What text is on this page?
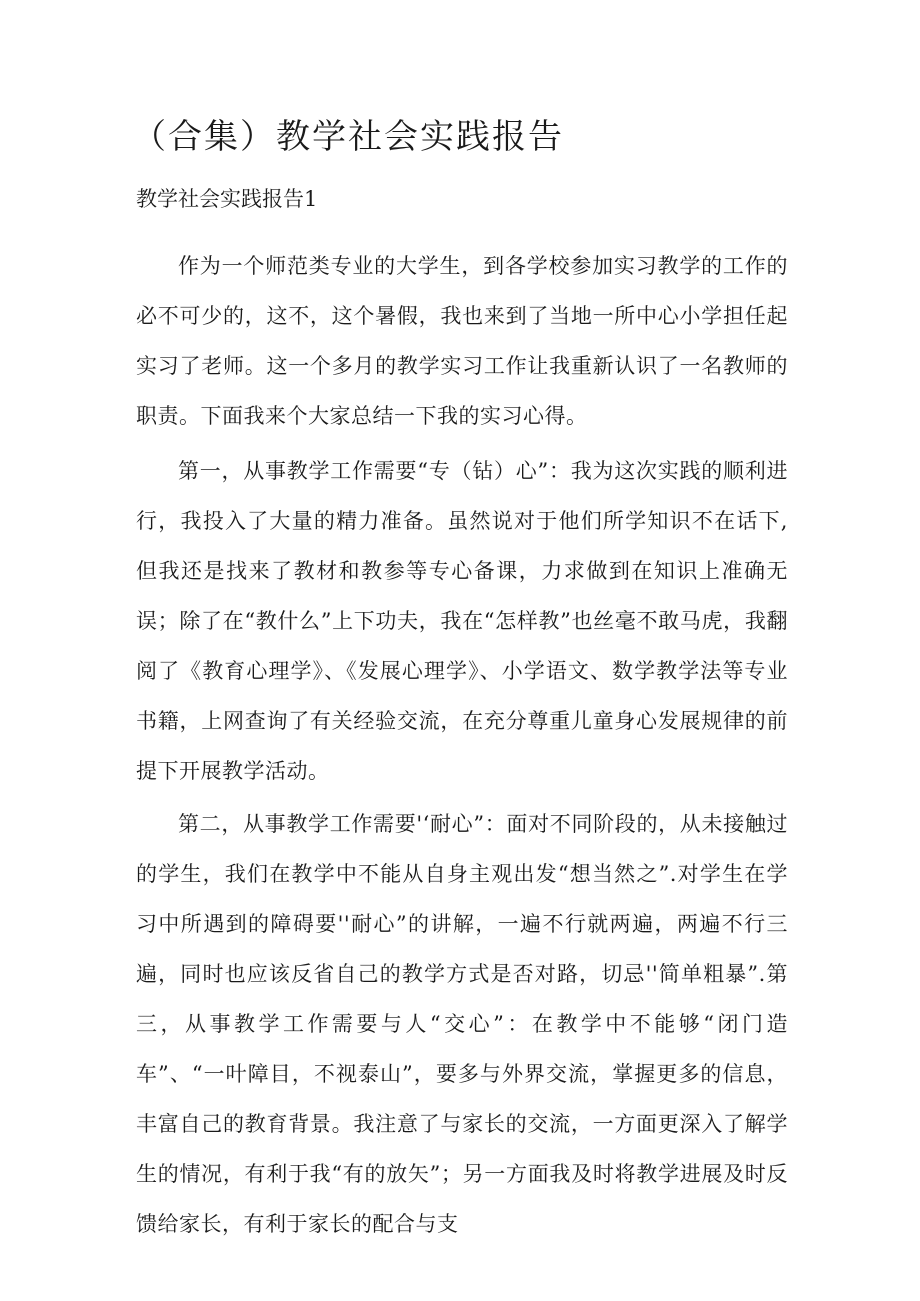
（合集）教学社会实践报告
教学社会实践报告1

作为一个师范类专业的大学生，到各学校参加实习教学的工作的必不可少的，这不，这个暑假，我也来到了当地一所中心小学担任起实习了老师。这一个多月的教学实习工作让我重新认识了一名教师的职责。下面我来个大家总结一下我的实习心得。

第一，从事教学工作需要“专（钻）心”：我为这次实践的顺利进行，我投入了大量的精力准备。虽然说对于他们所学知识不在话下,但我还是找来了教材和教参等专心备课，力求做到在知识上准确无误；除了在“教什么”上下功夫，我在“怎样教”也丝毫不敢马虎，我翻阅了《教育心理学》、《发展心理学》、小学语文、数学教学法等专业书籍，上网查询了有关经验交流，在充分尊重儿童身心发展规律的前提下开展教学活动。

第二，从事教学工作需要'‘耐心”：面对不同阶段的，从未接触过的学生，我们在教学中不能从自身主观出发“想当然之”.对学生在学习中所遇到的障碍要''耐心”的讲解，一遍不行就两遍，两遍不行三遍，同时也应该反省自己的教学方式是否对路，切忌''简单粗暴”.第三，从事教学工作需要与人“交心”：在教学中不能够“闭门造车”、“一叶障目，不视泰山”，要多与外界交流，掌握更多的信息，丰富自己的教育背景。我注意了与家长的交流，一方面更深入了解学生的情况，有利于我“有的放矢”；另一方面我及时将教学进展及时反馈给家长，有利于家长的配合与支
